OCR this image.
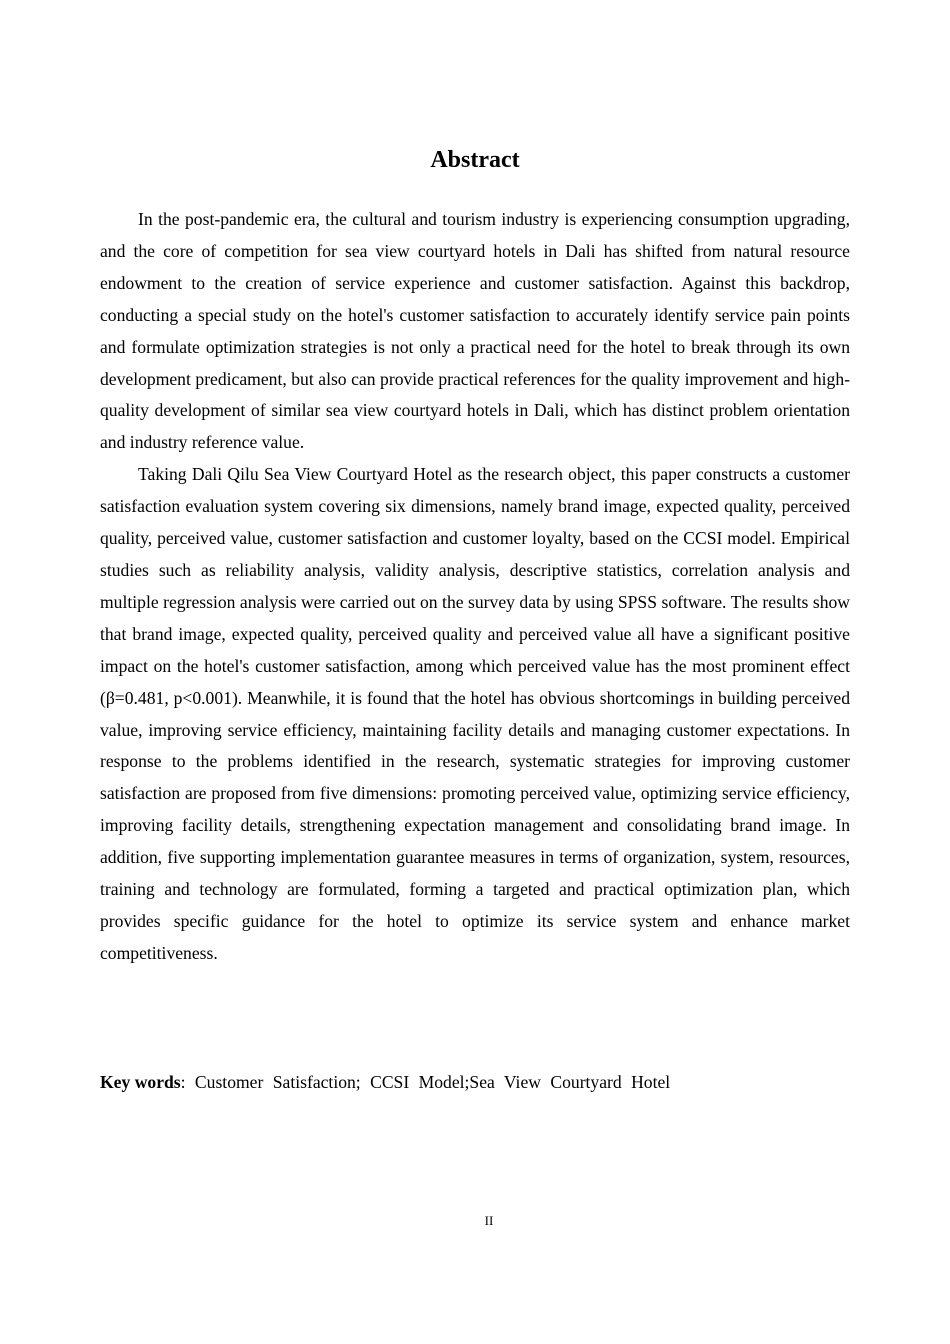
Abstract

In the post-pandemic era, the cultural and tourism industry is experiencing consumption upgrading, and the core of competition for sea view courtyard hotels in Dali has shifted from natural resource endowment to the creation of service experience and customer satisfaction. Against this backdrop, conducting a special study on the hotel's customer satisfaction to accurately identify service pain points and formulate optimization strategies is not only a practical need for the hotel to break through its own development predicament, but also can provide practical references for the quality improvement and high-quality development of similar sea view courtyard hotels in Dali, which has distinct problem orientation and industry reference value.

Taking Dali Qilu Sea View Courtyard Hotel as the research object, this paper constructs a customer satisfaction evaluation system covering six dimensions, namely brand image, expected quality, perceived quality, perceived value, customer satisfaction and customer loyalty, based on the CCSI model. Empirical studies such as reliability analysis, validity analysis, descriptive statistics, correlation analysis and multiple regression analysis were carried out on the survey data by using SPSS software. The results show that brand image, expected quality, perceived quality and perceived value all have a significant positive impact on the hotel's customer satisfaction, among which perceived value has the most prominent effect (β=0.481, p<0.001). Meanwhile, it is found that the hotel has obvious shortcomings in building perceived value, improving service efficiency, maintaining facility details and managing customer expectations. In response to the problems identified in the research, systematic strategies for improving customer satisfaction are proposed from five dimensions: promoting perceived value, optimizing service efficiency, improving facility details, strengthening expectation management and consolidating brand image. In addition, five supporting implementation guarantee measures in terms of organization, system, resources, training and technology are formulated, forming a targeted and practical optimization plan, which provides specific guidance for the hotel to optimize its service system and enhance market competitiveness.

Key words: Customer Satisfaction; CCSI Model;Sea View Courtyard Hotel

II
